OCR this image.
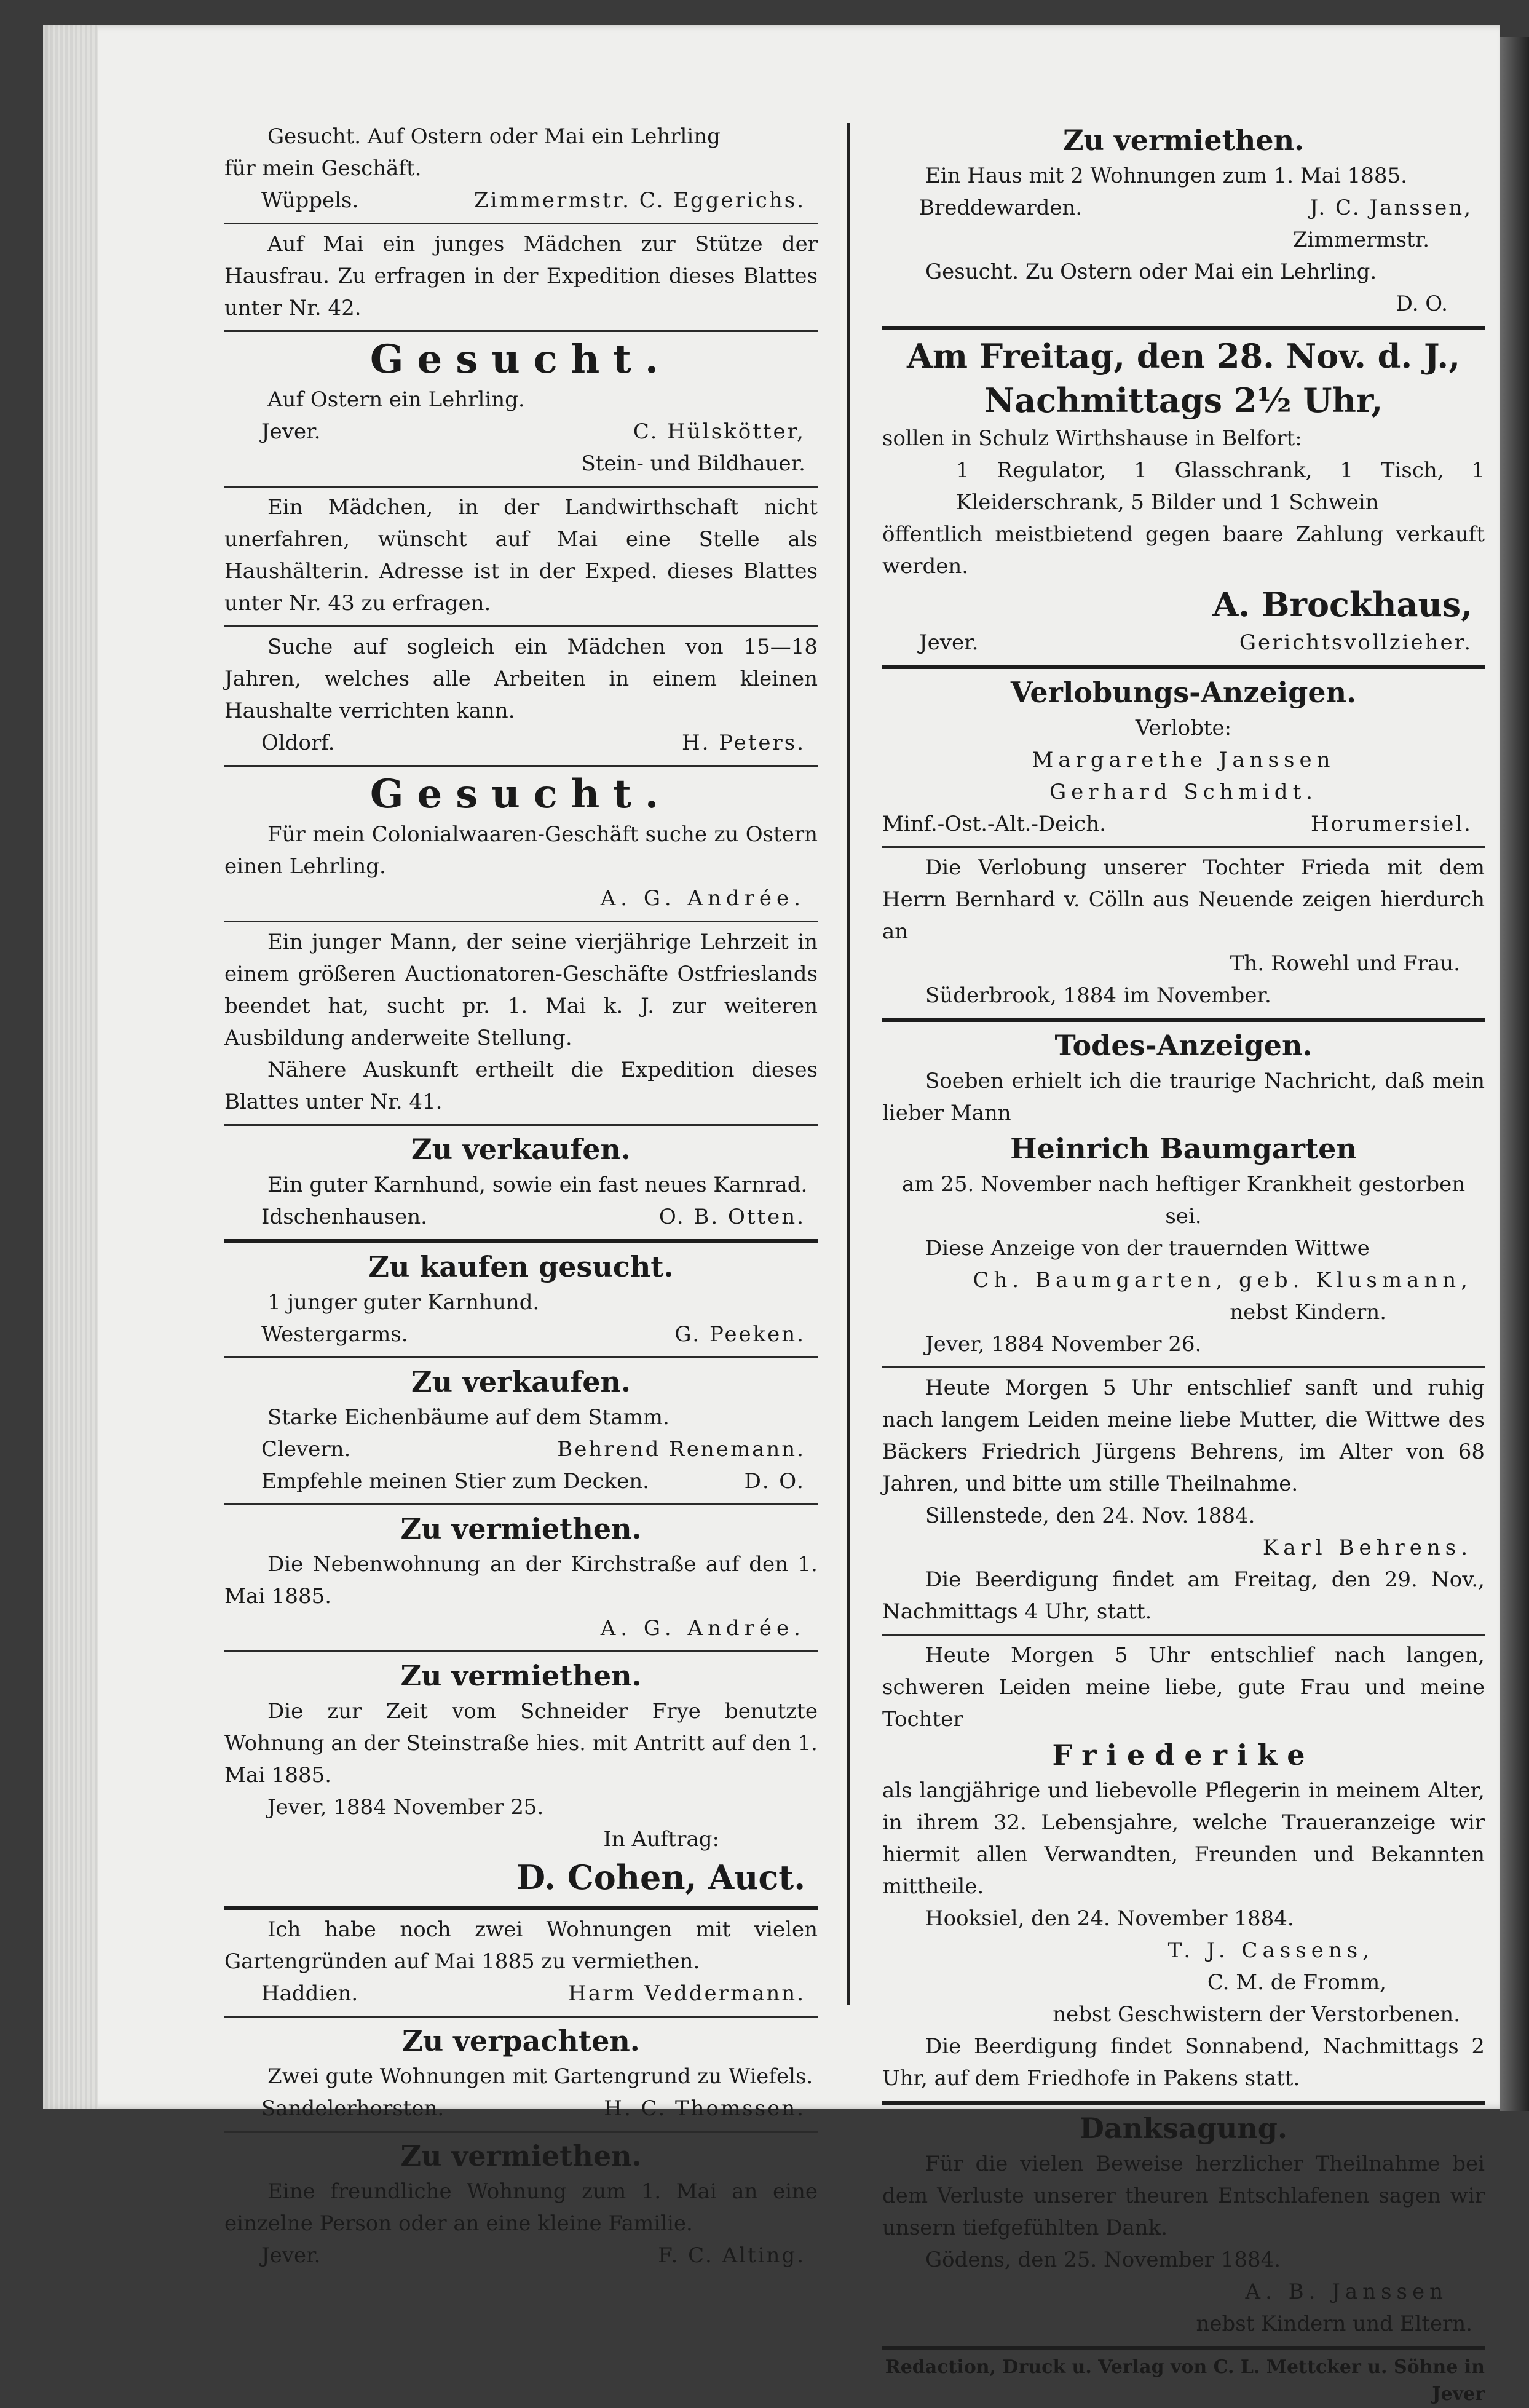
Gesucht. Auf Ostern oder Mai ein Lehrling

für mein Geschäft.

Wüppels.	Zimmermstr. C. Eggerichs.

Auf Mai ein junges Mädchen zur Stütze der Hausfrau. Zu erfragen in der Expedition dieses Blattes unter Nr. 42.

Gesucht.

Auf Ostern ein Lehrling.

Jever.	C. Hülskötter,
Stein- und Bildhauer.

Ein Mädchen, in der Landwirthschaft nicht unerfahren, wünscht auf Mai eine Stelle als Haushälterin. Adresse ist in der Exped. dieses Blattes unter Nr. 43 zu erfragen.

Suche auf sogleich ein Mädchen von 15—18 Jahren, welches alle Arbeiten in einem kleinen Haushalte verrichten kann.

Oldorf.	H. Peters.
Gesucht.

Für mein Colonialwaaren-Geschäft suche zu Ostern einen Lehrling.

A. G. Andrée.

Ein junger Mann, der seine vierjährige Lehrzeit in einem größeren Auctionatoren-Geschäfte Ostfrieslands beendet hat, sucht pr. 1. Mai k. J. zur weiteren Ausbildung anderweite Stellung.

Nähere Auskunft ertheilt die Expedition dieses Blattes unter Nr. 41.

Zu verkaufen.

Ein guter Karnhund, sowie ein fast neues Karnrad.

Idschenhausen.	O. B. Otten.
Zu kaufen gesucht.

1 junger guter Karnhund.

Westergarms.	G. Peeken.
Zu verkaufen.

Starke Eichenbäume auf dem Stamm.

Clevern.	Behrend Renemann.
Empfehle meinen Stier zum Decken.	D. O.
Zu vermiethen.

Die Nebenwohnung an der Kirchstraße auf den 1. Mai 1885.

A. G. Andrée.
Zu vermiethen.

Die zur Zeit vom Schneider Frye benutzte Wohnung an der Steinstraße hies. mit Antritt auf den 1. Mai 1885.

Jever, 1884 November 25.

In Auftrag:
D. Cohen, Auct.

Ich habe noch zwei Wohnungen mit vielen Gartengründen auf Mai 1885 zu vermiethen.

Haddien.	Harm Veddermann.
Zu verpachten.

Zwei gute Wohnungen mit Gartengrund zu Wiefels.

Sandelerhorsten.	H. C. Thomssen.
Zu vermiethen.

Eine freundliche Wohnung zum 1. Mai an eine einzelne Person oder an eine kleine Familie.

Jever.	F. C. Alting.
Zu vermiethen.

Ein Haus mit 2 Wohnungen zum 1. Mai 1885.

Breddewarden.	J. C. Janssen,
Zimmermstr.

Gesucht. Zu Ostern oder Mai ein Lehrling.

D. O.
Am Freitag, den 28. Nov. d. J.,
Nachmittags 2½ Uhr,

sollen in Schulz Wirthshause in Belfort:

1 Regulator, 1 Glasschrank, 1 Tisch, 1 Kleiderschrank, 5 Bilder und 1 Schwein

öffentlich meistbietend gegen baare Zahlung verkauft werden.

A. Brockhaus,
Jever.	Gerichtsvollzieher.
Verlobungs-Anzeigen.
Verlobte:
Margarethe Janssen
Gerhard Schmidt.
Minf.-Ost.-Alt.-Deich.	Horumersiel.

Die Verlobung unserer Tochter Frieda mit dem Herrn Bernhard v. Cölln aus Neuende zeigen hierdurch an

Th. Rowehl und Frau.

Süderbrook, 1884 im November.

Todes-Anzeigen.

Soeben erhielt ich die traurige Nachricht, daß mein lieber Mann

Heinrich Baumgarten

am 25. November nach heftiger Krankheit gestorben sei.

Diese Anzeige von der trauernden Wittwe

Ch. Baumgarten, geb. Klusmann,
nebst Kindern.

Jever, 1884 November 26.

Heute Morgen 5 Uhr entschlief sanft und ruhig nach langem Leiden meine liebe Mutter, die Wittwe des Bäckers Friedrich Jürgens Behrens, im Alter von 68 Jahren, und bitte um stille Theilnahme.

Sillenstede, den 24. Nov. 1884.

Karl Behrens.

Die Beerdigung findet am Freitag, den 29. Nov., Nachmittags 4 Uhr, statt.

Heute Morgen 5 Uhr entschlief nach langen, schweren Leiden meine liebe, gute Frau und meine Tochter

Friederike

als langjährige und liebevolle Pflegerin in meinem Alter, in ihrem 32. Lebensjahre, welche Traueranzeige wir hiermit allen Verwandten, Freunden und Bekannten mittheile.

Hooksiel, den 24. November 1884.

T. J. Cassens,
C. M. de Fromm,
nebst Geschwistern der Verstorbenen.

Die Beerdigung findet Sonnabend, Nachmittags 2 Uhr, auf dem Friedhofe in Pakens statt.

Danksagung.

Für die vielen Beweise herzlicher Theilnahme bei dem Verluste unserer theuren Entschlafenen sagen wir unsern tiefgefühlten Dank.

Gödens, den 25. November 1884.

A. B. Janssen
nebst Kindern und Eltern.
Redaction, Druck u. Verlag von C. L. Mettcker u. Söhne in Jever
